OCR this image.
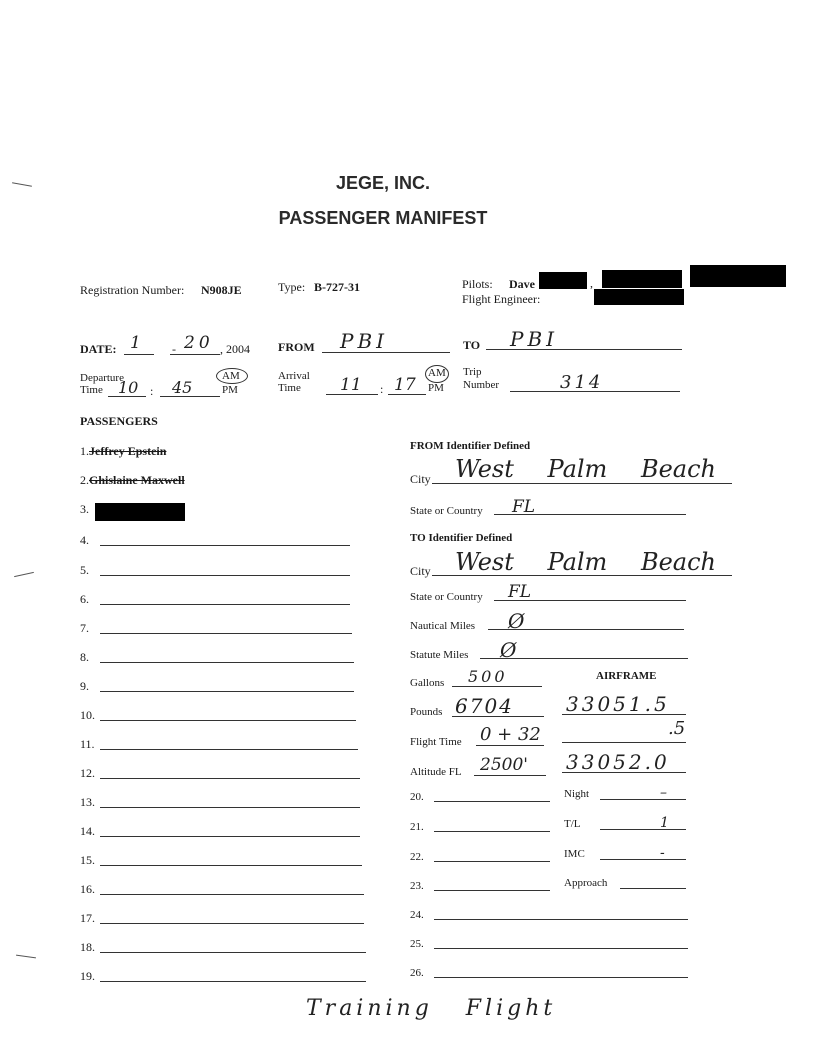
JEGE, INC.
PASSENGER MANIFEST
Registration Number: N908JE	Type: B-727-31	Pilots: Dave	,
Flight Engineer:
DATE: 1	- 20 , 2004 FROM PBI	TO PBI
Departure
Time 10 : 45
AM
PM
Arrival
Time	11 : 17
AM
PM
Trip
Number	314
PASSENGERS
1.Jeffrey Epstein
2.Ghislaine Maxwell
3.
4.
5.
6.
7.
8.
9.
10.
11.
12.
13.
14.
15.
16.
17.
18.
19.
FROM Identifier Defined
City West Palm Beach
State or Country FL
TO Identifier Defined
City West Palm Beach
State or Country FL
Nautical Miles Ø
Statute Miles Ø
Gallons 500	AIRFRAME
Pounds 6704	33051.5
Flight Time 0 + 32	.5
Altitude FL 2500' 33052.0
20.	Night	–
21.	T/L	1
22.	IMC	-
23.	Approach
24.
25.
26.
Training Flight
